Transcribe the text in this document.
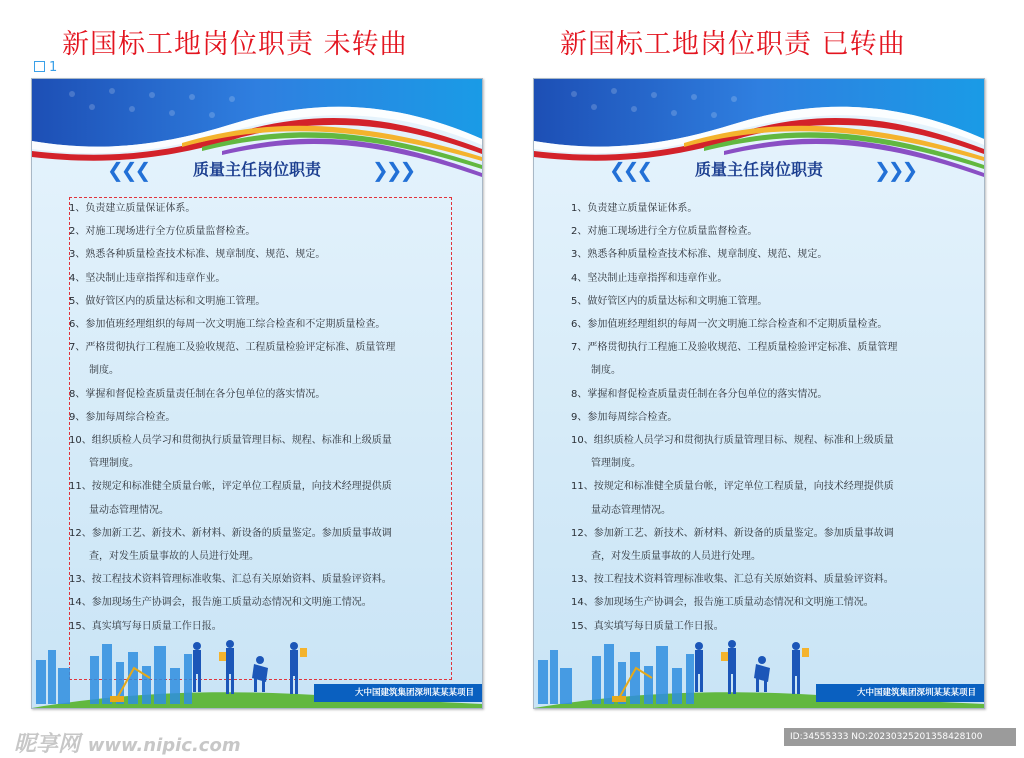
新国标工地岗位职责 未转曲	新国标工地岗位职责 已转曲
1
❮❮❮	质量主任岗位职责	❯❯❯
1、负责建立质量保证体系。
2、对施工现场进行全方位质量监督检查。
3、熟悉各种质量检查技术标准、规章制度、规范、规定。
4、坚决制止违章指挥和违章作业。
5、做好管区内的质量达标和文明施工管理。
6、参加值班经理组织的每周一次文明施工综合检查和不定期质量检查。
7、严格贯彻执行工程施工及验收规范、工程质量检验评定标准、质量管理
制度。
8、掌握和督促检查质量责任制在各分包单位的落实情况。
9、参加每周综合检查。
10、组织质检人员学习和贯彻执行质量管理目标、规程、标准和上级质量
管理制度。
11、按规定和标准健全质量台帐，评定单位工程质量，向技术经理提供质
量动态管理情况。
12、参加新工艺、新技术、新材料、新设备的质量鉴定。参加质量事故调
查，对发生质量事故的人员进行处理。
13、按工程技术资料管理标准收集、汇总有关原始资料、质量验评资料。
14、参加现场生产协调会，报告施工质量动态情况和文明施工情况。
15、真实填写每日质量工作日报。
大中国建筑集团深圳某某某项目
❮❮❮	质量主任岗位职责	❯❯❯
1、负责建立质量保证体系。
2、对施工现场进行全方位质量监督检查。
3、熟悉各种质量检查技术标准、规章制度、规范、规定。
4、坚决制止违章指挥和违章作业。
5、做好管区内的质量达标和文明施工管理。
6、参加值班经理组织的每周一次文明施工综合检查和不定期质量检查。
7、严格贯彻执行工程施工及验收规范、工程质量检验评定标准、质量管理
制度。
8、掌握和督促检查质量责任制在各分包单位的落实情况。
9、参加每周综合检查。
10、组织质检人员学习和贯彻执行质量管理目标、规程、标准和上级质量
管理制度。
11、按规定和标准健全质量台帐，评定单位工程质量，向技术经理提供质
量动态管理情况。
12、参加新工艺、新技术、新材料、新设备的质量鉴定。参加质量事故调
查，对发生质量事故的人员进行处理。
13、按工程技术资料管理标准收集、汇总有关原始资料、质量验评资料。
14、参加现场生产协调会，报告施工质量动态情况和文明施工情况。
15、真实填写每日质量工作日报。
大中国建筑集团深圳某某某项目
昵享网 www.nipic.com	ID:34555333 NO:20230325201358428100
